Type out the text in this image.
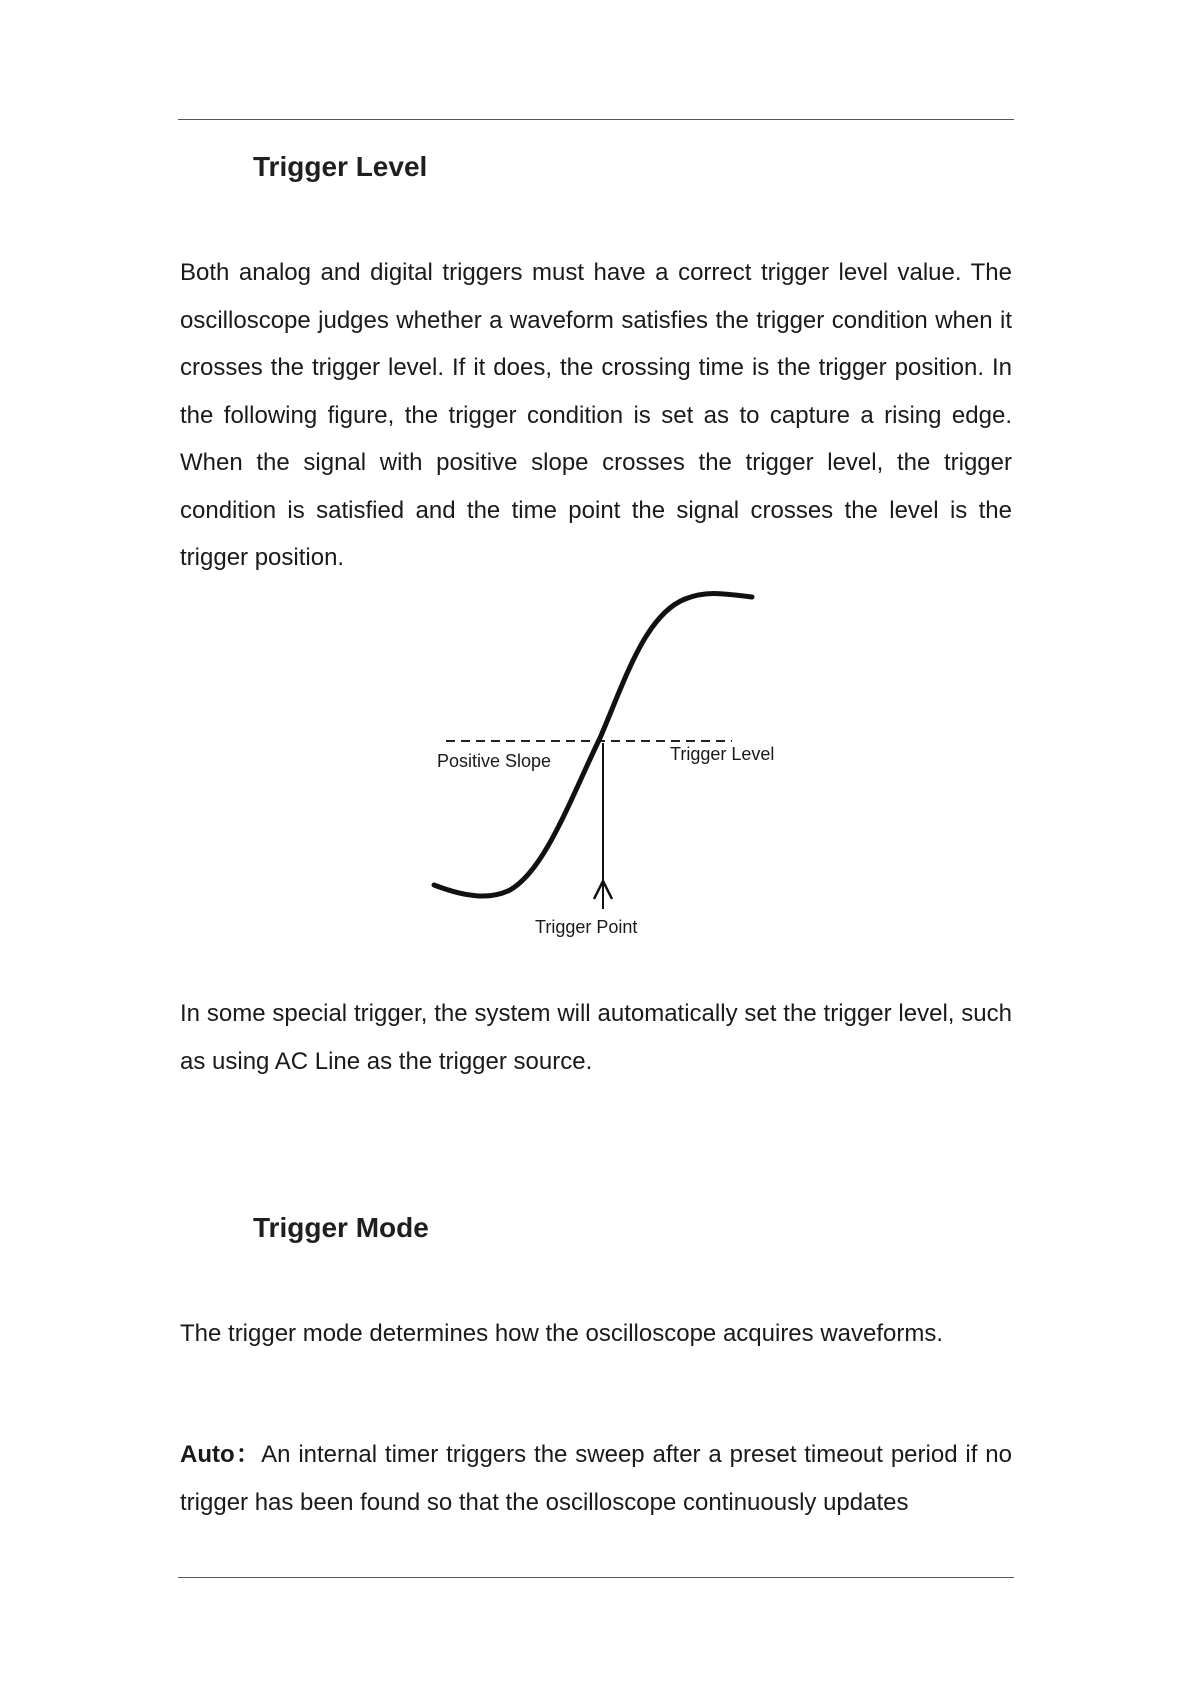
Trigger Level

Both analog and digital triggers must have a correct trigger level value. The oscilloscope judges whether a waveform satisfies the trigger condition when it crosses the trigger level. If it does, the crossing time is the trigger position. In the following figure, the trigger condition is set as to capture a rising edge. When the signal with positive slope crosses the trigger level, the trigger condition is satisfied and the time point the signal crosses the level is the trigger position.

Positive Slope	Trigger Level
Trigger Point

In some special trigger, the system will automatically set the trigger level, such as using AC Line as the trigger source.

Trigger Mode

The trigger mode determines how the oscilloscope acquires waveforms.

Auto：An internal timer triggers the sweep after a preset timeout period if no trigger has been found so that the oscilloscope continuously updates
